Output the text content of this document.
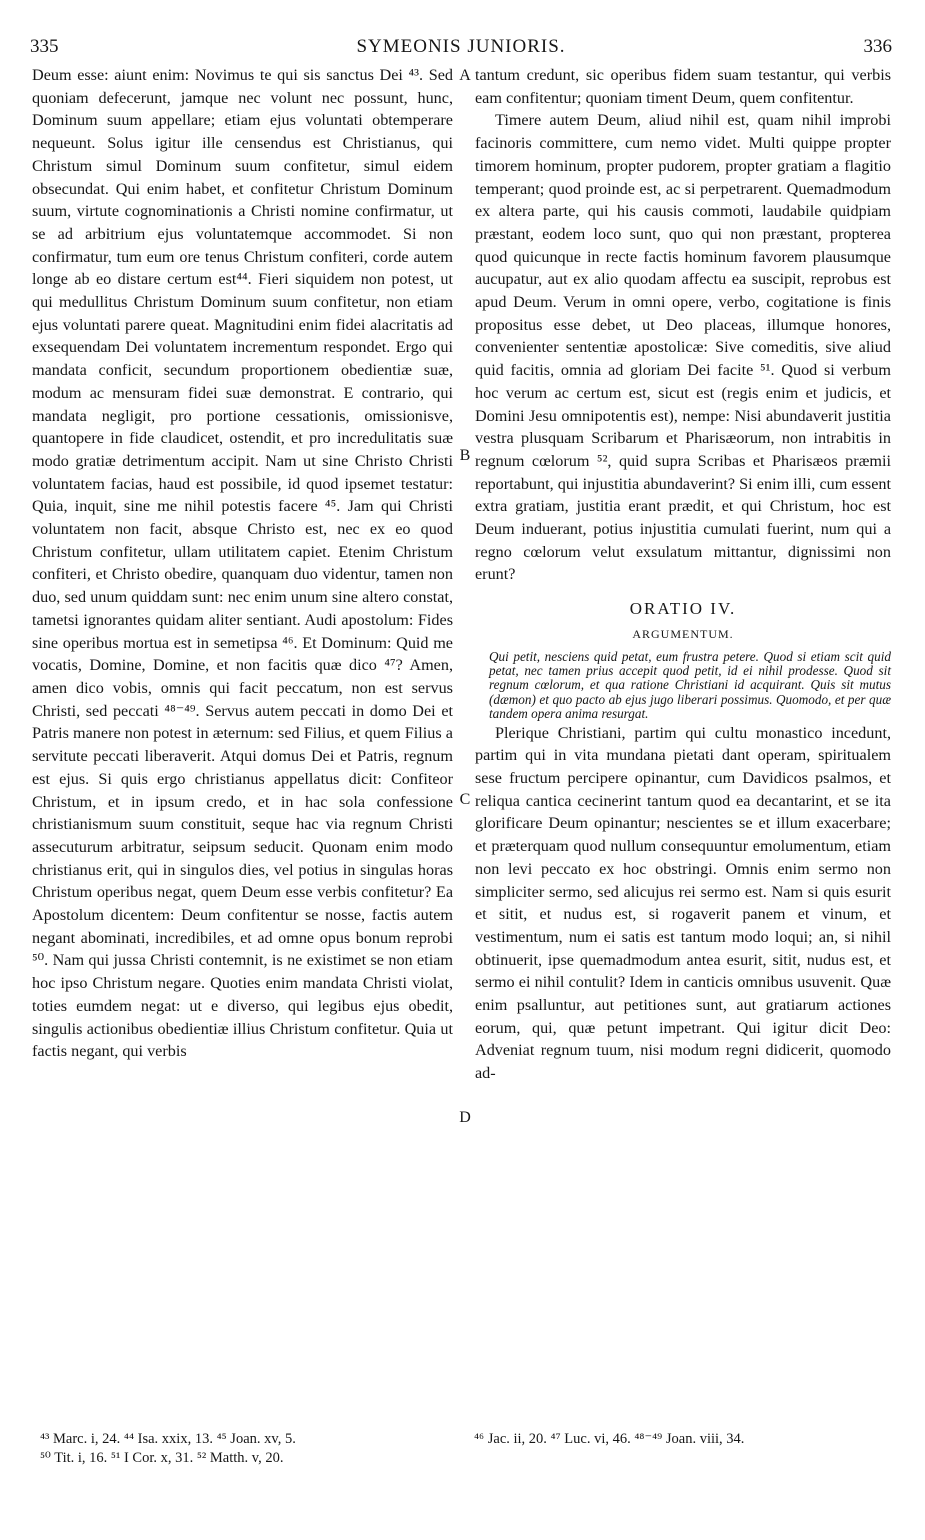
335	SYMEONIS JUNIORIS.	336
A
B
C
D

Deum esse: aiunt enim: Novimus te qui sis sanctus Dei ⁴³. Sed quoniam defecerunt, jamque nec volunt nec possunt, hunc, Dominum suum appellare; etiam ejus voluntati obtemperare nequeunt. Solus igitur ille censendus est Christianus, qui Christum simul Dominum suum confitetur, simul eidem obsecundat. Qui enim habet, et confitetur Christum Dominum suum, virtute cognominationis a Christi nomine confirmatur, ut se ad arbitrium ejus voluntatemque accommodet. Si non confirmatur, tum eum ore tenus Christum confiteri, corde autem longe ab eo distare certum est⁴⁴. Fieri siquidem non potest, ut qui medullitus Christum Dominum suum confitetur, non etiam ejus voluntati parere queat. Magnitudini enim fidei alacritatis ad exsequendam Dei voluntatem incrementum respondet. Ergo qui mandata conficit, secundum proportionem obedientiæ suæ, modum ac mensuram fidei suæ demonstrat. E contrario, qui mandata negligit, pro portione cessationis, omissionisve, quantopere in fide claudicet, ostendit, et pro incredulitatis suæ modo gratiæ detrimentum accipit. Nam ut sine Christo Christi voluntatem facias, haud est possibile, id quod ipsemet testatur: Quia, inquit, sine me nihil potestis facere ⁴⁵. Jam qui Christi voluntatem non facit, absque Christo est, nec ex eo quod Christum confitetur, ullam utilitatem capiet. Etenim Christum confiteri, et Christo obedire, quanquam duo videntur, tamen non duo, sed unum quiddam sunt: nec enim unum sine altero constat, tametsi ignorantes quidam aliter sentiant. Audi apostolum: Fides sine operibus mortua est in semetipsa ⁴⁶. Et Dominum: Quid me vocatis, Domine, Domine, et non facitis quæ dico ⁴⁷? Amen, amen dico vobis, omnis qui facit peccatum, non est servus Christi, sed peccati ⁴⁸⁻⁴⁹. Servus autem peccati in domo Dei et Patris manere non potest in æternum: sed Filius, et quem Filius a servitute peccati liberaverit. Atqui domus Dei et Patris, regnum est ejus. Si quis ergo christianus appellatus dicit: Confiteor Christum, et in ipsum credo, et in hac sola confessione christianismum suum constituit, seque hac via regnum Christi assecuturum arbitratur, seipsum seducit. Quonam enim modo christianus erit, qui in singulos dies, vel potius in singulas horas Christum operibus negat, quem Deum esse verbis confitetur? Ea Apostolum dicentem: Deum confitentur se nosse, factis autem negant abominati, incredibiles, et ad omne opus bonum reprobi ⁵⁰. Nam qui jussa Christi contemnit, is ne existimet se non etiam hoc ipso Christum negare. Quoties enim mandata Christi violat, toties eumdem negat: ut e diverso, qui legibus ejus obedit, singulis actionibus obedientiæ illius Christum confitetur. Quia ut factis negant, qui verbis

tantum credunt, sic operibus fidem suam testantur, qui verbis eam confitentur; quoniam timent Deum, quem confitentur.

Timere autem Deum, aliud nihil est, quam nihil improbi facinoris committere, cum nemo videt. Multi quippe propter timorem hominum, propter pudorem, propter gratiam a flagitio temperant; quod proinde est, ac si perpetrarent. Quemadmodum ex altera parte, qui his causis commoti, laudabile quidpiam præstant, eodem loco sunt, quo qui non præstant, propterea quod quicunque in recte factis hominum favorem plausumque aucupatur, aut ex alio quodam affectu ea suscipit, reprobus est apud Deum. Verum in omni opere, verbo, cogitatione is finis propositus esse debet, ut Deo placeas, illumque honores, convenienter sententiæ apostolicæ: Sive comeditis, sive aliud quid facitis, omnia ad gloriam Dei facite ⁵¹. Quod si verbum hoc verum ac certum est, sicut est (regis enim et judicis, et Domini Jesu omnipotentis est), nempe: Nisi abundaverit justitia vestra plusquam Scribarum et Pharisæorum, non intrabitis in regnum cœlorum ⁵², quid supra Scribas et Pharisæos præmii reportabunt, qui injustitia abundaverint? Si enim illi, cum essent extra gratiam, justitia erant prædit, et qui Christum, hoc est Deum induerant, potius injustitia cumulati fuerint, num qui a regno cœlorum velut exsulatum mittantur, dignissimi non erunt?

ORATIO IV.
ARGUMENTUM.

Qui petit, nesciens quid petat, eum frustra petere. Quod si etiam scit quid petat, nec tamen prius accepit quod petit, id ei nihil prodesse. Quod sit regnum cœlorum, et qua ratione Christiani id acquirant. Quis sit mutus (dæmon) et quo pacto ab ejus jugo liberari possimus. Quomodo, et per quæ tandem opera anima resurgat.

Plerique Christiani, partim qui cultu monastico incedunt, partim qui in vita mundana pietati dant operam, spiritualem sese fructum percipere opinantur, cum Davidicos psalmos, et reliqua cantica cecinerint tantum quod ea decantarint, et se ita glorificare Deum opinantur; nescientes se et illum exacerbare; et præterquam quod nullum consequuntur emolumentum, etiam non levi peccato ex hoc obstringi. Omnis enim sermo non simpliciter sermo, sed alicujus rei sermo est. Nam si quis esurit et sitit, et nudus est, si rogaverit panem et vinum, et vestimentum, num ei satis est tantum modo loqui; an, si nihil obtinuerit, ipse quemadmodum antea esurit, sitit, nudus est, et sermo ei nihil contulit? Idem in canticis omnibus usuvenit. Quæ enim psalluntur, aut petitiones sunt, aut gratiarum actiones eorum, qui, quæ petunt impetrant. Qui igitur dicit Deo: Adveniat regnum tuum, nisi modum regni didicerit, quomodo ad-

⁴³ Marc. i, 24. ⁴⁴ Isa. xxix, 13. ⁴⁵ Joan. xv, 5.
⁵⁰ Tit. i, 16. ⁵¹ I Cor. x, 31. ⁵² Matth. v, 20.
⁴⁶ Jac. ii, 20. ⁴⁷ Luc. vi, 46. ⁴⁸⁻⁴⁹ Joan. viii, 34.
